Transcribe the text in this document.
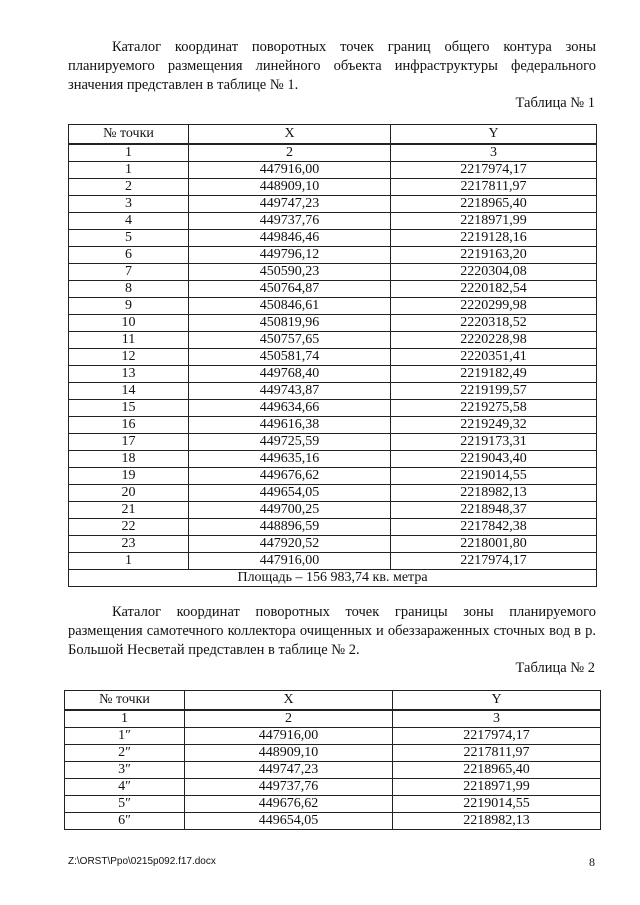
Каталог координат поворотных точек границ общего контура зоны планируемого размещения линейного объекта инфраструктуры федерального значения представлен в таблице № 1.

Таблица № 1
№ точки	X	Y
1	2	3
1	447916,00	2217974,17
2	448909,10	2217811,97
3	449747,23	2218965,40
4	449737,76	2218971,99
5	449846,46	2219128,16
6	449796,12	2219163,20
7	450590,23	2220304,08
8	450764,87	2220182,54
9	450846,61	2220299,98
10	450819,96	2220318,52
11	450757,65	2220228,98
12	450581,74	2220351,41
13	449768,40	2219182,49
14	449743,87	2219199,57
15	449634,66	2219275,58
16	449616,38	2219249,32
17	449725,59	2219173,31
18	449635,16	2219043,40
19	449676,62	2219014,55
20	449654,05	2218982,13
21	449700,25	2218948,37
22	448896,59	2217842,38
23	447920,52	2218001,80
1	447916,00	2217974,17
Площадь – 156 983,74 кв. метра		

Каталог координат поворотных точек границы зоны планируемого размещения самотечного коллектора очищенных и обеззараженных сточных вод в р. Большой Несветай представлен в таблице № 2.

Таблица № 2
№ точки	X	Y
1	2	3
1″	447916,00	2217974,17
2″	448909,10	2217811,97
3″	449747,23	2218965,40
4″	449737,76	2218971,99
5″	449676,62	2219014,55
6″	449654,05	2218982,13
Z:\ORST\Ppo\0215p092.f17.docx	8
